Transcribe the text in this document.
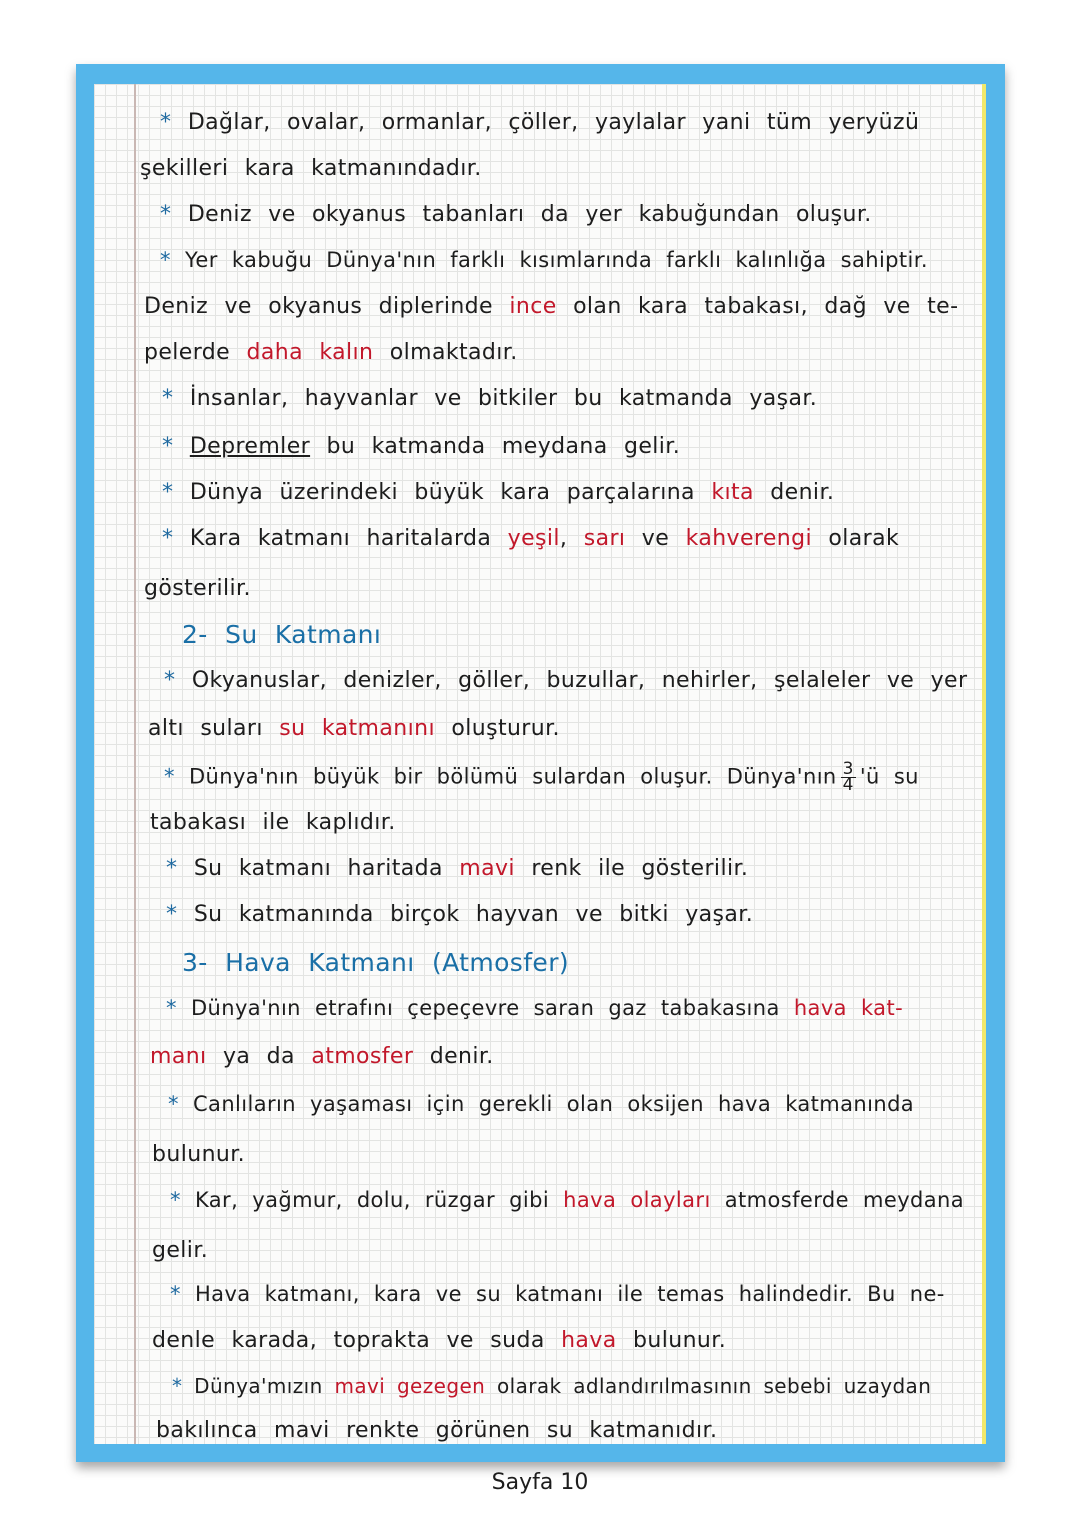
* Dağlar, ovalar, ormanlar, çöller, yaylalar yani tüm yeryüzü
şekilleri kara katmanındadır.
* Deniz ve okyanus tabanları da yer kabuğundan oluşur.
* Yer kabuğu Dünya'nın farklı kısımlarında farklı kalınlığa sahiptir.
Deniz ve okyanus diplerinde ince olan kara tabakası, dağ ve te-
pelerde daha kalın olmaktadır.
* İnsanlar, hayvanlar ve bitkiler bu katmanda yaşar.
* Depremler bu katmanda meydana gelir.
* Dünya üzerindeki büyük kara parçalarına kıta denir.
* Kara katmanı haritalarda yeşil, sarı ve kahverengi olarak
gösterilir.
2- Su Katmanı
* Okyanuslar, denizler, göller, buzullar, nehirler, şelaleler ve yer
altı suları su katmanını oluşturur.
* Dünya'nın büyük bir bölümü sulardan oluşur. Dünya'nın $\frac{3}{4}$ 'ü su
tabakası ile kaplıdır.
* Su katmanı haritada mavi renk ile gösterilir.
* Su katmanında birçok hayvan ve bitki yaşar.
3- Hava Katmanı (Atmosfer)
* Dünya'nın etrafını çepeçevre saran gaz tabakasına hava kat-
manı ya da atmosfer denir.
* Canlıların yaşaması için gerekli olan oksijen hava katmanında
bulunur.
* Kar, yağmur, dolu, rüzgar gibi hava olayları atmosferde meydana
gelir.
* Hava katmanı, kara ve su katmanı ile temas halindedir. Bu ne-
denle karada, toprakta ve suda hava bulunur.
* Dünya'mızın mavi gezegen olarak adlandırılmasının sebebi uzaydan
bakılınca mavi renkte görünen su katmanıdır.
Sayfa 10
